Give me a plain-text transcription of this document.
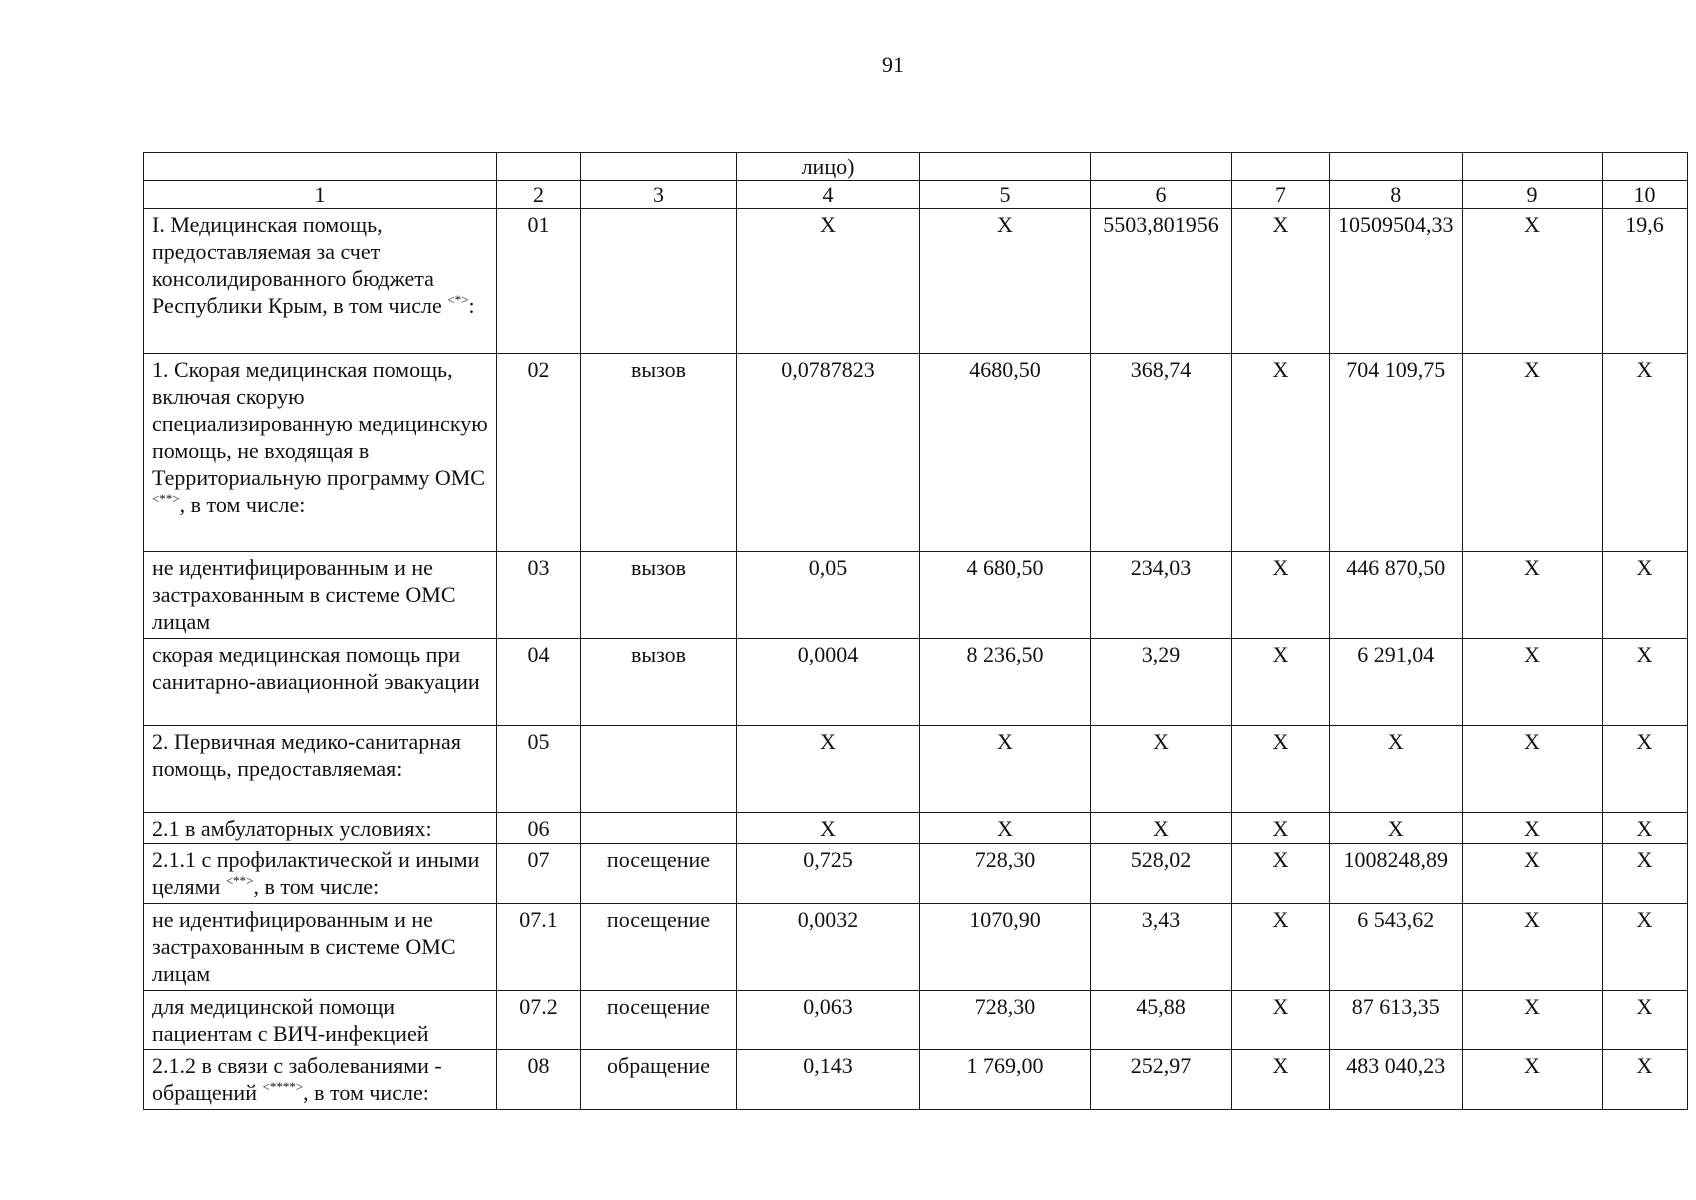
91
			лицо)						
1	2	3	4	5	6	7	8	9	10
I. Медицинская помощь, предоставляемая за счет консолидированного бюджета Республики Крым, в том числе <*>:	01		Х	Х	5503,801956	Х	10509504,33	Х	19,6
1. Скорая медицинская помощь, включая скорую специализированную медицинскую помощь, не входящая в Территориальную программу ОМС <**>, в том числе:	02	вызов	0,0787823	4680,50	368,74	Х	704 109,75	Х	Х
не идентифицированным и не застрахованным в системе ОМС лицам	03	вызов	0,05	4 680,50	234,03	Х	446 870,50	Х	Х
скорая медицинская помощь при санитарно-авиационной эвакуации	04	вызов	0,0004	8 236,50	3,29	Х	6 291,04	Х	Х
2. Первичная медико-санитарная помощь, предоставляемая:	05		Х	Х	Х	Х	Х	Х	Х
2.1 в амбулаторных условиях:	06		Х	Х	Х	Х	Х	Х	Х
2.1.1 с профилактической и иными целями <**>, в том числе:	07	посещение	0,725	728,30	528,02	Х	1008248,89	Х	Х
не идентифицированным и не застрахованным в системе ОМС лицам	07.1	посещение	0,0032	1070,90	3,43	Х	6 543,62	Х	Х
для медицинской помощи пациентам с ВИЧ-инфекцией	07.2	посещение	0,063	728,30	45,88	Х	87 613,35	Х	Х
2.1.2 в связи с заболеваниями - обращений <****>, в том числе:	08	обращение	0,143	1 769,00	252,97	Х	483 040,23	Х	Х
